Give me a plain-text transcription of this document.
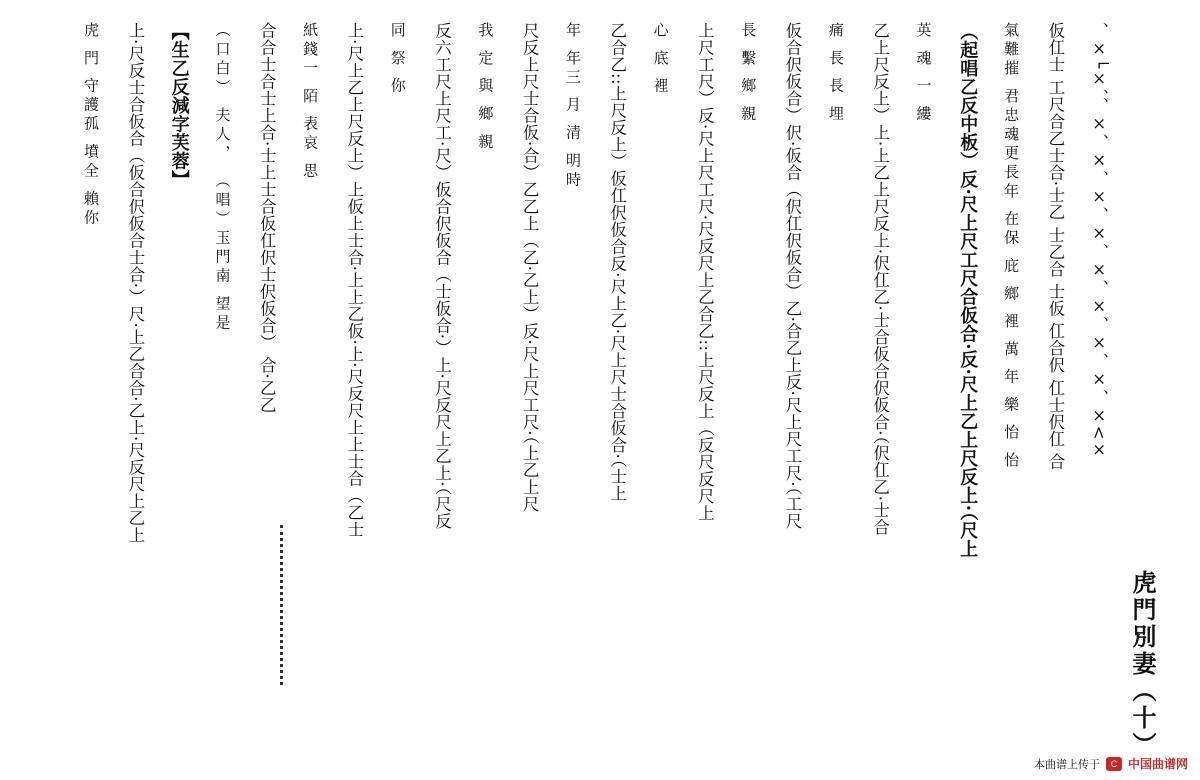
、×└×、、×、×、×、×、×、×、×、×、×<×
仮仜士 工尺合乙士合·士乙 士乙合 士仮 仜合伬 仜士伬仜 合
氣難摧 君忠魂更長年 在保 庇 鄉 裡 萬 年 樂 怡 怡
（起唱乙反中板）反·尺上尺工尺合仮合·反·尺上乙上尺反上·（尺上
英 魂 一 縷
乙上尺反上）上·上乙上尺反上·伬仜乙·士合仮合伬仮合·（伬仜乙·士合
痛 長 長 埋
仮合伬仮合）伬·仮合（伬仜伬仮合）乙·合乙上反·尺上尺工尺·（工尺
長 繫 鄉 親
上尺工尺）反·尺上尺工尺·尺反尺上乙合乙::上尺反上（反尺反尺上
心 底 裡
乙合乙::上尺反上）仮仜伬仮合反·尺上乙·尺上尺士合仮合·（士上
年 年三 月 清 明時
尺反上尺士合仮·合）乙乙上（乙·乙上）反·尺上尺工尺·（上乙上尺
我 定 與 鄉 親
反六工尺上尺工·尺）仮合伬仮合（士仮合·）上·尺反尺上乙上·（尺反
同 祭 你
上·尺上乙上尺反上）上仮上士合·上上乙仮·上·尺反尺上上士合（乙士
紙錢一 陌 表哀 思
合合士合士上合·士上士合仮仜伬士伬仮合） 合·乙乙
（口白） 夫人， （唱）玉門南 望是
【生乙反減字芙蓉】
上·尺反士合仮合（仮合伬仮合士合·）尺·上乙合合·乙上·尺反尺上乙上
虎 門 守護孤 墳全 賴你
虎門別妻（十）
本曲谱上传于	C 中国曲谱网
